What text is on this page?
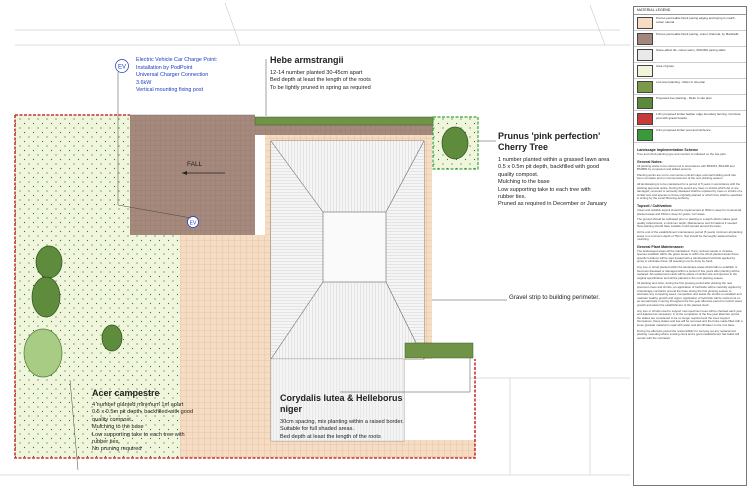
FALL
EV
EV

Electric Vehicle Car Charge Point:

Installation by PodPoint

Universal Charger Connection

3.6kW

Vertical mounting fixing post

Hebe armstrangii

12-14 number planted 30-45cm apart

Bed depth at least the length of the roots

To be lightly pruned in spring as required

Prunus 'pink perfection'
Cherry Tree

1 number planted within a grassed lawn area

0.5 x 0.5m pit depth, backfilled with good

quality compost.

Mulching to the base

Low supporting take to each tree with

rubber ties.

Pruned as required in December or January

Gravel strip to building perimeter.
Acer campestre

4 number planted minimum 1m apart

0.5 x 0.5m pit depth, backfilled with good

quality compost.

Mulching to the base

Low supporting take to each tree with

rubber ties.

No pruning required

Corydalis lutea & Helleborus
niger

30cm spacing, mix planting within a raised border.

Suitable for full shaded areas.

Bed depth at least the length of the roots

MATERIAL LEGEND
Porous permeable block paving edging and laying to match, colour natural
Porous permeable block paving, colour charcoal, by Marshalls
Stone-effect tile, colour warm, 600x300 paving slabs
Area of grass
Low level planting - Refer to site plan
Proposed tree planting - Refer to site plan
1.8m proposed timber feather edge boundary fencing. Concrete post with gravel boards.
0.9m proposed timber post and rail fence
Landscape Implementation Scheme
Tree and shrub planting type and number is indicated on the site plan.
General Notes:
All planting works to be carried out in accordance with BS4043, BS4428 and BS3882 by competent and skilled persons.
Planting works are not to commence until all major external building work has been complete and on commencement of the next planting season.
All landscaping is to be maintained for a period of 5 years in accordance with the planting approval notice. During this period any trees or shrubs which die or are damaged, removed or seriously diseased shall be replaced by trees or shrubs of a similar size and species to those originally planted or which time shall be specified in writing by the Local Planning Authority.
Topsoil / Cultivation:
Clean and suitable topsoil should be implemented at 300mm deep for ornamental planted areas and 150mm deep for grass / turf areas.
The ground should be cultivated prior to planting to a depth which makes good quality cultural level, a minimum depth. Maintenance and formations if needed. New planting should have suitable mulch spread around the base.
At the end of the establishment maintenance period (5 years) minimum all planting areas to a minimum depth of 75mm. Soil should be thoroughly watered before mulching.
General Plant Maintenance:
The landscaped areas will be maintained. If any noxious weeds or invasive species establish within the grass areas or within the shrub planted areas these specific locations will be spot treated with a translocated herbicide applied by spray to eliminate these. All weeding is to be done by hand.
Any tree or shrub planted within the landscape areas which fails to establish or becomes diseased or damaged within a period of five years after planting will be replaced. All replacement stock will be plants of similar size and species to the original specification and will be planted in the next planting season.
All planting and other, during the first growing period after planting the new specimen trees and shrubs, an application of herbicide will be carefully applied by a landscape contractor around the base during the first growing season to eliminate any competing weed, competition and assist the shrubs to establish and maintain healthy growth and vigour. Application of herbicide will be carried out on an annual basis in spring throughout the five-year aftercare period to restrict weed growth and assist the establishment of the planted stock.
Any tree or shrubs used to support new specimen trees will be checked each year and adjusted as necessary. If, at the completion of the five-year aftercare period, the stakes are considered to be no longer required and the trees support themselves, these stakes and ties will be removed and the holes made filled with a loose granular material to soak with water and all infill taken to the root base.
During the aftercare period the responsibility for carrying out any replacement planting / weeding where existing stock and a good establishment has failed will remain with the contractor.
